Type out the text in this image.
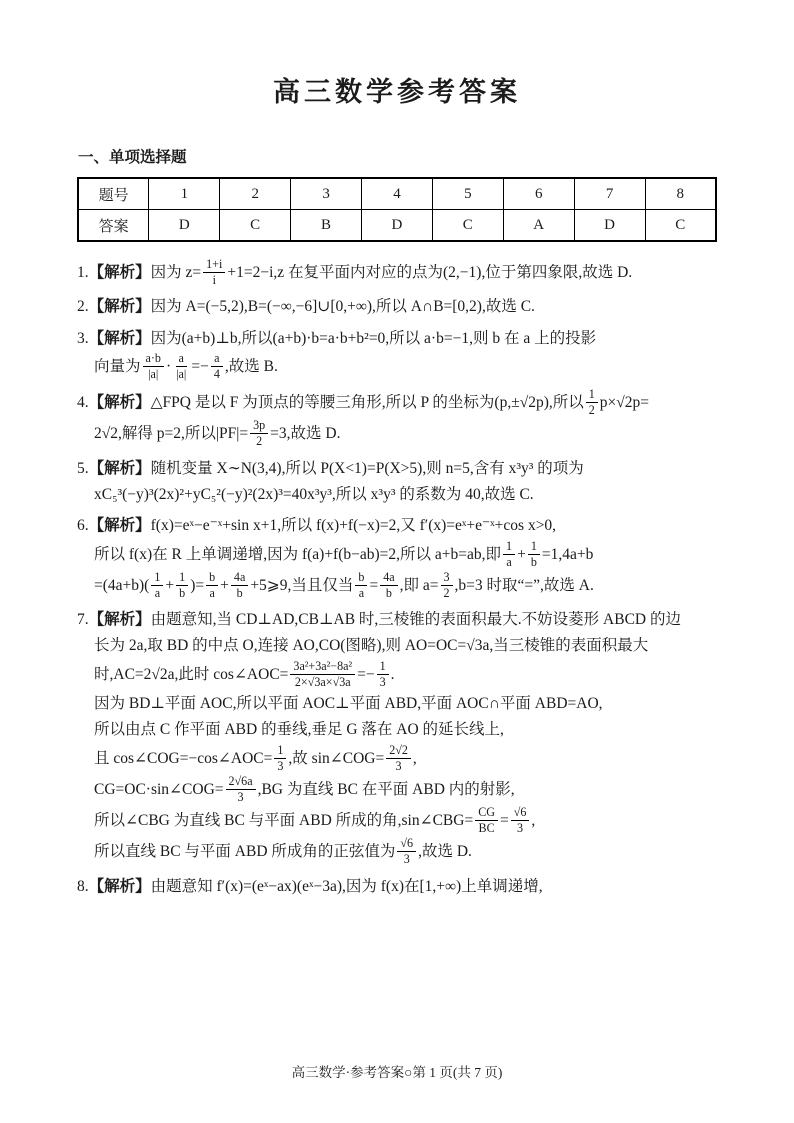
高三数学参考答案
一、单项选择题
题号	1	2	3	4	5	6	7	8
答案	D	C	B	D	C	A	D	C
1.【解析】因为 $z= \frac{1+i}{i} +1=2-i,z$ 在复平面内对应的点为(2,−1),位于第四象限,故选 D.
2.【解析】因为 A=(−5,2),B=(−∞,−6]∪[0,+∞),所以 A∩B=[0,2),故选 C.
3.【解析】因为(a+b)⊥b,所以(a+b)·b=a·b+b²=0,所以 a·b=−1,则 b 在 a 上的投影
向量为 $\frac{a\cdot b}{|a|} \cdot \frac{a}{|a|} =- \frac{a}{4}$ ,故选 B.
4.【解析】△FPQ 是以 F 为顶点的等腰三角形,所以 P 的坐标为(p,±√2p),所以 $\frac{1}{2} p\times√2p=$
2√2,解得 p=2,所以$|PF|= \frac{3p}{2} =3$,故选 D.
5.【解析】随机变量 X∼N(3,4),所以 P(X<1)=P(X>5),则 n=5,含有 x³y³ 的项为
xC₅³(−y)³(2x)²+yC₅²(−y)²(2x)³=40x³y³,所以 x³y³ 的系数为 40,故选 C.
6.【解析】f(x)=eˣ−e⁻ˣ+sin x+1,所以 f(x)+f(−x)=2,又 f′(x)=eˣ+e⁻ˣ+cos x>0,
所以 f(x)在 R 上单调递增,因为 f(a)+f(b−ab)=2,所以 a+b=ab,即 $\frac{1}{a} + \frac{1}{b} =1,4a+b$
$=(4a+b)( \frac{1}{a} + \frac{1}{b}$ )= $\frac{b}{a} + \frac{4a}{b}$ +5⩾9,当且仅当 $\frac{b}{a} = \frac{4a}{b}$ ,即 $a= \frac{3}{2} ,b=3$ 时取“=”,故选 A.
7.【解析】由题意知,当 CD⊥AD,CB⊥AB 时,三棱锥的表面积最大.不妨设菱形 ABCD 的边
长为 2a,取 BD 的中点 O,连接 AO,CO(图略),则 AO=OC=√3a,当三棱锥的表面积最大
时,AC=2√2a,此时 cos∠AOC= $\frac{\text{3a²+3a²−8a²}}{2\times√3a\times√3a} =- \frac{1}{3}$ .
因为 BD⊥平面 AOC,所以平面 AOC⊥平面 ABD,平面 AOC∩平面 ABD=AO,
所以由点 C 作平面 ABD 的垂线,垂足 G 落在 AO 的延长线上,
且 cos∠COG=−cos∠AOC= $\frac{1}{3}$ ,故 sin∠COG= $\frac{2√2}{3}$ ,
CG=OC·sin∠COG= $\frac{2√6a}{3} ,BG$ 为直线 BC 在平面 ABD 内的射影,
所以∠CBG 为直线 BC 与平面 ABD 所成的角,sin∠CBG= $\frac{CG}{BC} = \frac{√6}{3}$ ,
所以直线 BC 与平面 ABD 所成角的正弦值为 $\frac{√6}{3}$ ,故选 D.
8.【解析】由题意知 f′(x)=(eˣ−ax)(eˣ−3a),因为 f(x)在[1,+∞)上单调递增,
高三数学·参考答案○第 1 页(共 7 页)
